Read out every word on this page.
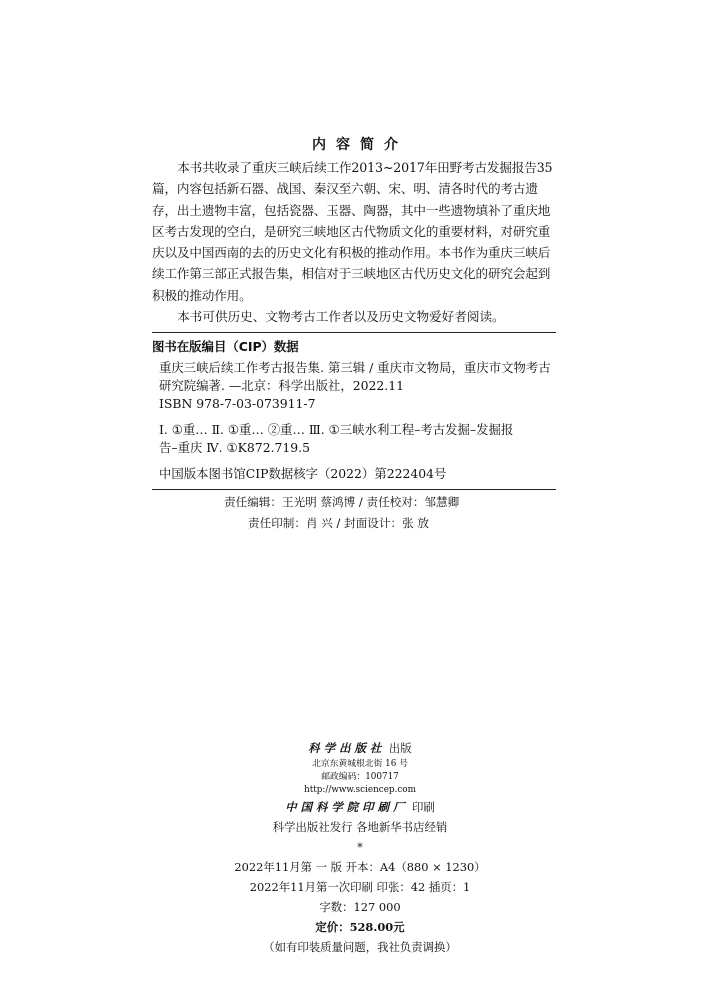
内容简介

本书共收录了重庆三峡后续工作2013~2017年田野考古发掘报告35篇，内容包括新石器、战国、秦汉至六朝、宋、明、清各时代的考古遗存，出土遗物丰富，包括瓷器、玉器、陶器，其中一些遗物填补了重庆地区考古发现的空白，是研究三峡地区古代物质文化的重要材料，对研究重庆以及中国西南的去的历史文化有积极的推动作用。本书作为重庆三峡后续工作第三部正式报告集，相信对于三峡地区古代历史文化的研究会起到积极的推动作用。

本书可供历史、文物考古工作者以及历史文物爱好者阅读。

图书在版编目（CIP）数据
重庆三峡后续工作考古报告集. 第三辑 / 重庆市文物局，重庆市文物考古
研究院编著. —北京：科学出版社，2022.11
ISBN 978-7-03-073911-7
Ⅰ. ①重… Ⅱ. ①重… ②重… Ⅲ. ①三峡水利工程–考古发掘–发掘报
告–重庆 Ⅳ. ①K872.719.5
中国版本图书馆CIP数据核字（2022）第222404号
责任编辑：王光明 蔡鸿博 / 责任校对：邹慧卿
责任印制：肖 兴 / 封面设计：张 放
科学出版社 出版
北京东黄城根北街 16 号
邮政编码：100717
http://www.sciencep.com
中国科学院印刷厂 印刷
科学出版社发行 各地新华书店经销
*
2022年11月第 一 版 开本：A4（880 × 1230）
2022年11月第一次印刷 印张：42 插页：1
字数：127 000
定价：528.00元
（如有印装质量问题，我社负责调换）
